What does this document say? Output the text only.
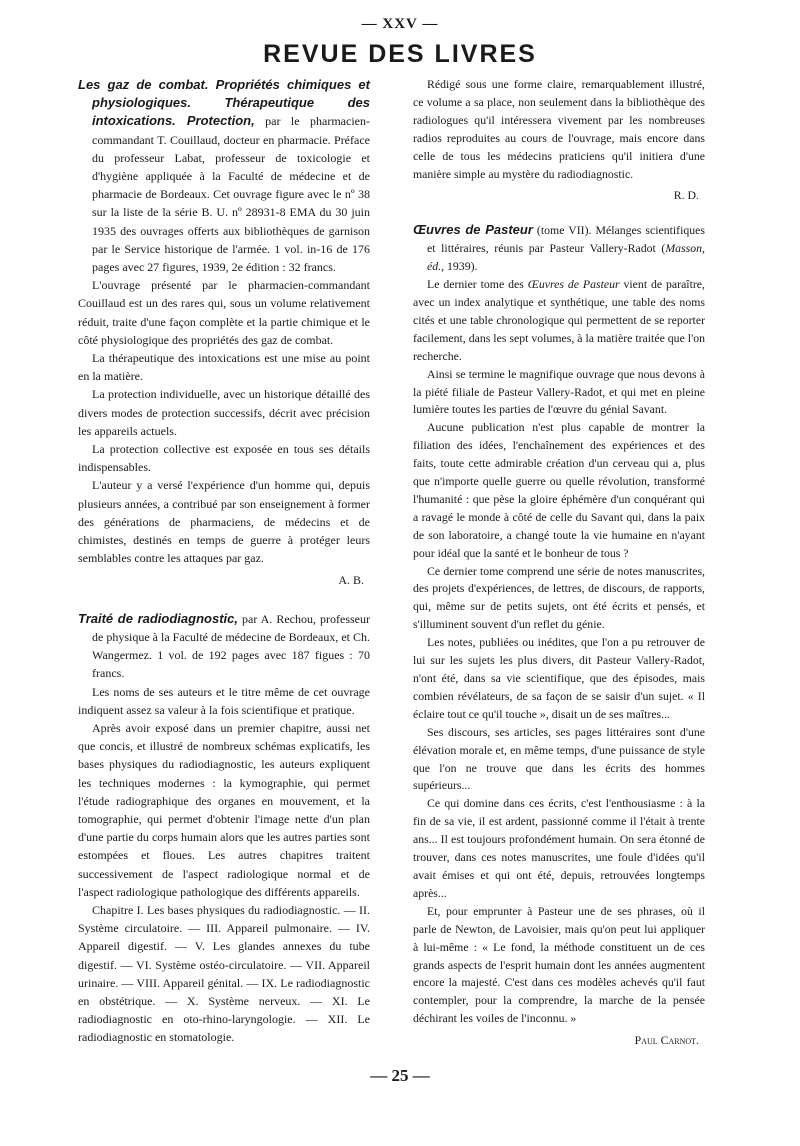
— XXV —
REVUE DES LIVRES
Les gaz de combat. Propriétés chimiques et physiologiques. Thérapeutique des intoxications. Protection, par le pharmacien-commandant T. Couillaud, docteur en pharmacie. Préface du professeur Labat, professeur de toxicologie et d'hygiène appliquée à la Faculté de médecine et de pharmacie de Bordeaux. Cet ouvrage figure avec le nº 38 sur la liste de la série B. U. nº 28931-8 EMA du 30 juin 1935 des ouvrages offerts aux bibliothèques de garnison par le Service historique de l'armée. 1 vol. in-16 de 176 pages avec 27 figures, 1939, 2e édition : 32 francs.

L'ouvrage présenté par le pharmacien-commandant Couillaud est un des rares qui, sous un volume relativement réduit, traite d'une façon complète et la partie chimique et le côté physiologique des propriétés des gaz de combat.

La thérapeutique des intoxications est une mise au point en la matière.

La protection individuelle, avec un historique détaillé des divers modes de protection successifs, décrit avec précision les appareils actuels.

La protection collective est exposée en tous ses détails indispensables.

L'auteur y a versé l'expérience d'un homme qui, depuis plusieurs années, a contribué par son enseignement à former des générations de pharmaciens, de médecins et de chimistes, destinés en temps de guerre à protéger leurs semblables contre les attaques par gaz.

A. B.

Traité de radiodiagnostic, par A. Rechou, professeur de physique à la Faculté de médecine de Bordeaux, et Ch. Wangermez. 1 vol. de 192 pages avec 187 figues : 70 francs.

Les noms de ses auteurs et le titre même de cet ouvrage indiquent assez sa valeur à la fois scientifique et pratique.

Après avoir exposé dans un premier chapitre, aussi net que concis, et illustré de nombreux schémas explicatifs, les bases physiques du radiodiagnostic, les auteurs expliquent les techniques modernes : la kymographie, qui permet l'étude radiographique des organes en mouvement, et la tomographie, qui permet d'obtenir l'image nette d'un plan d'une partie du corps humain alors que les autres parties sont estompées et floues. Les autres chapitres traitent successivement de l'aspect radiologique normal et de l'aspect radiologique pathologique des différents appareils.

Chapitre I. Les bases physiques du radiodiagnostic. — II. Système circulatoire. — III. Appareil pulmonaire. — IV. Appareil digestif. — V. Les glandes annexes du tube digestif. — VI. Système ostéo-circulatoire. — VII. Appareil urinaire. — VIII. Appareil génital. — IX. Le radiodiagnostic en obstétrique. — X. Système nerveux. — XI. Le radiodiagnostic en oto-rhino-laryngologie. — XII. Le radiodiagnostic en stomatologie.

Rédigé sous une forme claire, remarquablement illustré, ce volume a sa place, non seulement dans la bibliothèque des radiologues qu'il intéressera vivement par les nombreuses radios reproduites au cours de l'ouvrage, mais encore dans celle de tous les médecins praticiens qu'il initiera d'une manière simple au mystère du radiodiagnostic.

R. D.

Œuvres de Pasteur (tome VII). Mélanges scientifiques et littéraires, réunis par Pasteur Vallery-Radot (Masson, éd., 1939).

Le dernier tome des Œuvres de Pasteur vient de paraître, avec un index analytique et synthétique, une table des noms cités et une table chronologique qui permettent de se reporter facilement, dans les sept volumes, à la matière traitée que l'on recherche.

Ainsi se termine le magnifique ouvrage que nous devons à la piété filiale de Pasteur Vallery-Radot, et qui met en pleine lumière toutes les parties de l'œuvre du génial Savant.

Aucune publication n'est plus capable de montrer la filiation des idées, l'enchaînement des expériences et des faits, toute cette admirable création d'un cerveau qui a, plus que n'importe quelle guerre ou quelle révolution, transformé l'humanité : que pèse la gloire éphémère d'un conquérant qui a ravagé le monde à côté de celle du Savant qui, dans la paix de son laboratoire, a changé toute la vie humaine en n'ayant pour idéal que la santé et le bonheur de tous ?

Ce dernier tome comprend une série de notes manuscrites, des projets d'expériences, de lettres, de discours, de rapports, qui, même sur de petits sujets, ont été écrits et pensés, et s'illuminent souvent d'un reflet du génie.

Les notes, publiées ou inédites, que l'on a pu retrouver de lui sur les sujets les plus divers, dit Pasteur Vallery-Radot, n'ont été, dans sa vie scientifique, que des épisodes, mais combien révélateurs, de sa façon de se saisir d'un sujet. « Il éclaire tout ce qu'il touche », disait un de ses maîtres...

Ses discours, ses articles, ses pages littéraires sont d'une élévation morale et, en même temps, d'une puissance de style que l'on ne trouve que dans les écrits des hommes supérieurs...

Ce qui domine dans ces écrits, c'est l'enthousiasme : à la fin de sa vie, il est ardent, passionné comme il l'était à trente ans... Il est toujours profondément humain. On sera étonné de trouver, dans ces notes manuscrites, une foule d'idées qu'il avait émises et qui ont été, depuis, retrouvées longtemps après...

Et, pour emprunter à Pasteur une de ses phrases, où il parle de Newton, de Lavoisier, mais qu'on peut lui appliquer à lui-même : « Le fond, la méthode constituent un de ces grands aspects de l'esprit humain dont les années augmentent encore la majesté. C'est dans ces modèles achevés qu'il faut contempler, pour la comprendre, la marche de la pensée déchirant les voiles de l'inconnu. »

Paul Carnot.

— 25 —
